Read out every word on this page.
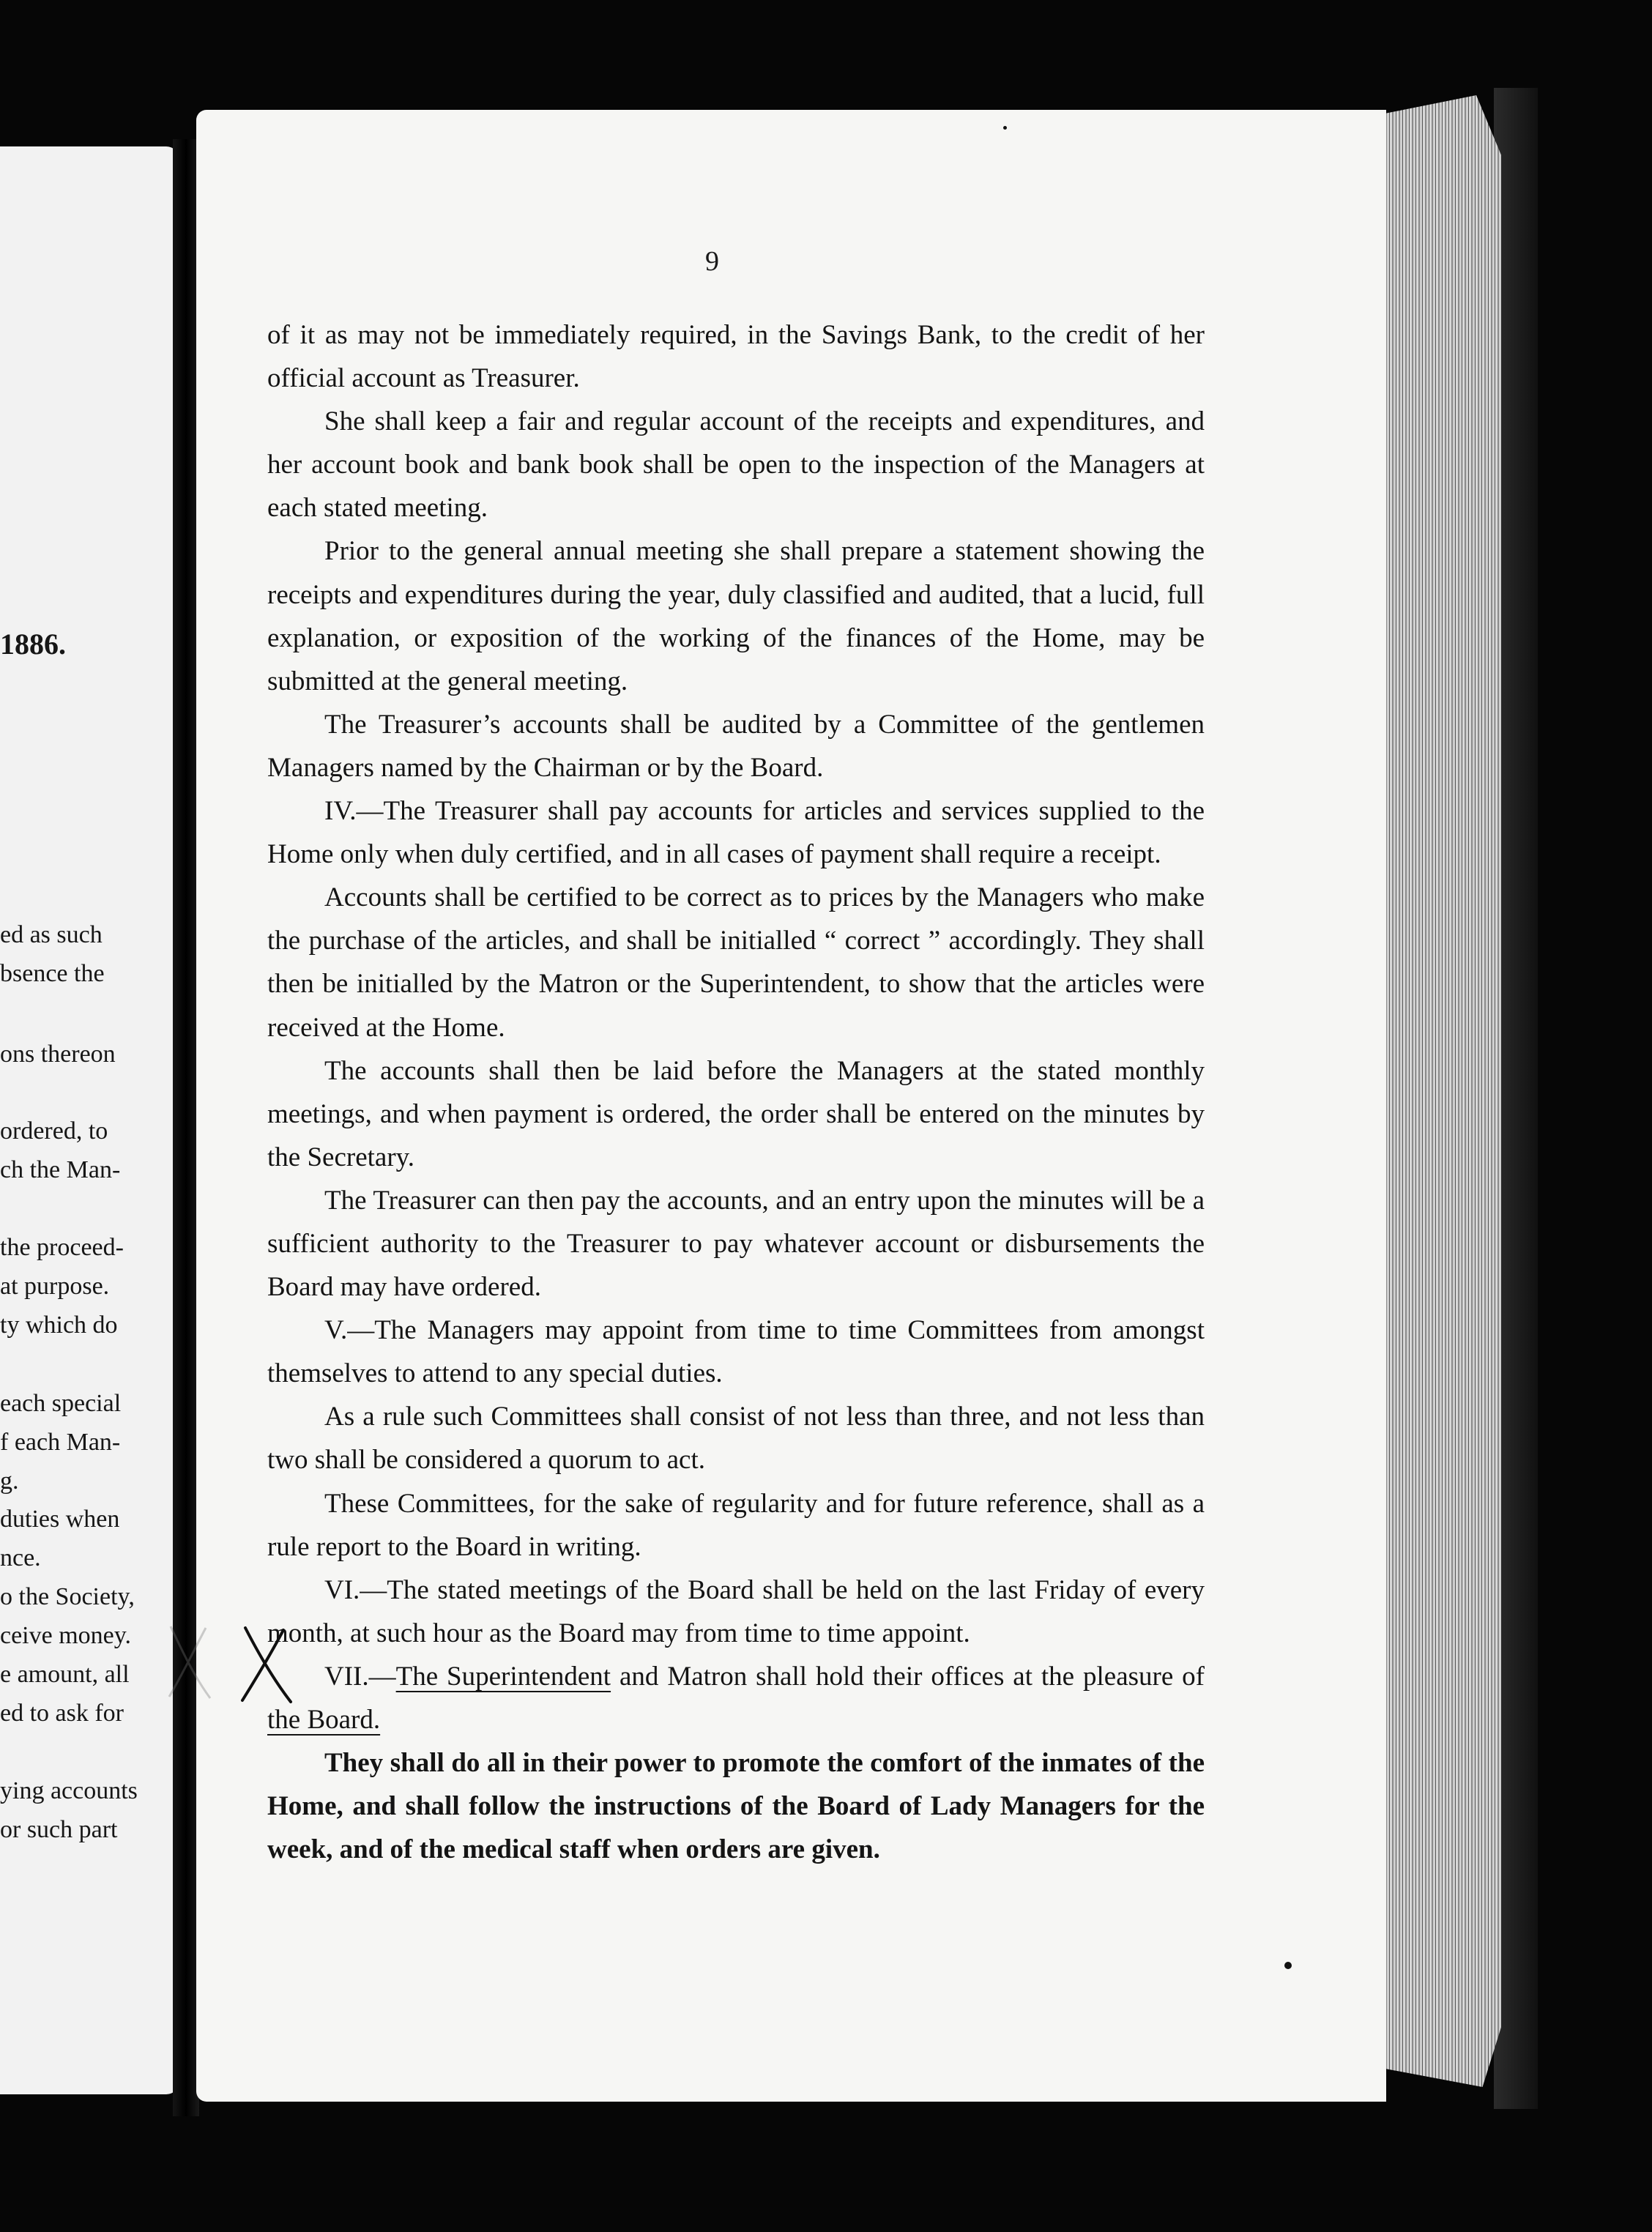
1886.
ed as such
bsence the
ons thereon
ordered, to
ch the Man-
the proceed-
at purpose.
ty which do
each special
f each Man-
g.
duties when
nce.
o the Society,
ceive money.
e amount, all
ed to ask for
ying accounts
or such part
9

of it as may not be immediately required, in the Savings Bank, to the credit of her official account as Treasurer.

She shall keep a fair and regular account of the receipts and expenditures, and her account book and bank book shall be open to the inspection of the Managers at each stated meeting.

Prior to the general annual meeting she shall prepare a statement showing the receipts and expenditures during the year, duly classified and audited, that a lucid, full explanation, or exposition of the working of the finances of the Home, may be submitted at the general meeting.

The Treasurer’s accounts shall be audited by a Committee of the gentlemen Managers named by the Chairman or by the Board.

IV.—The Treasurer shall pay accounts for articles and services supplied to the Home only when duly certified, and in all cases of payment shall require a receipt.

Accounts shall be certified to be correct as to prices by the Managers who make the purchase of the articles, and shall be initialled “ correct ” accordingly. They shall then be initialled by the Matron or the Superintendent, to show that the articles were received at the Home.

The accounts shall then be laid before the Managers at the stated monthly meetings, and when payment is ordered, the order shall be entered on the minutes by the Secretary.

The Treasurer can then pay the accounts, and an entry upon the minutes will be a sufficient authority to the Treasurer to pay whatever account or disbursements the Board may have ordered.

V.—The Managers may appoint from time to time Committees from amongst themselves to attend to any special duties.

As a rule such Committees shall consist of not less than three, and not less than two shall be considered a quorum to act.

These Committees, for the sake of regularity and for future reference, shall as a rule report to the Board in writing.

VI.—The stated meetings of the Board shall be held on the last Friday of every month, at such hour as the Board may from time to time appoint.

VII.—The Superintendent and Matron shall hold their offices at the pleasure of the Board.

They shall do all in their power to promote the comfort of the inmates of the Home, and shall follow the instructions of the Board of Lady Managers for the week, and of the medical staff when orders are given.
